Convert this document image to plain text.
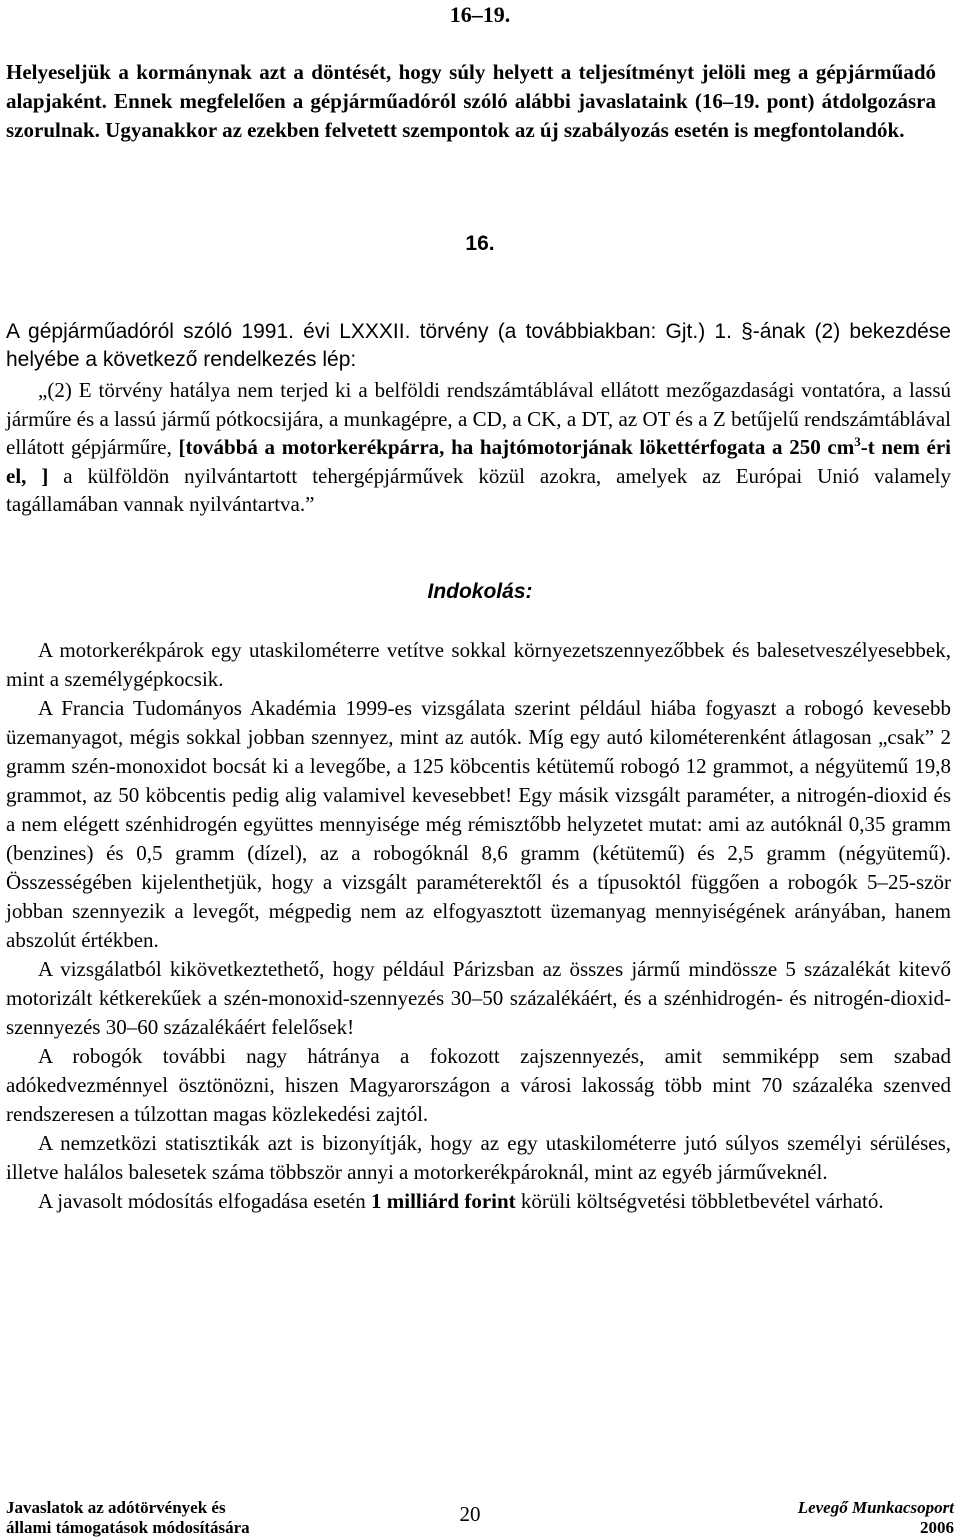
16–19.
Helyeseljük a kormánynak azt a döntését, hogy súly helyett a teljesítményt jelöli meg a gépjárműadó alapjaként. Ennek megfelelően a gépjárműadóról szóló alábbi javaslataink (16–19. pont) átdolgozásra szorulnak. Ugyanakkor az ezekben felvetett szempontok az új szabályozás esetén is megfontolandók.
16.

A gépjárműadóról szóló 1991. évi LXXXII. törvény (a továbbiakban: Gjt.) 1. §-ának (2) bekezdése helyébe a következő rendelkezés lép:

„(2) E törvény hatálya nem terjed ki a belföldi rendszámtáblával ellátott mezőgazdasági vontatóra, a lassú járműre és a lassú jármű pótkocsijára, a munkagépre, a CD, a CK, a DT, az OT és a Z betűjelű rendszámtáblával ellátott gépjárműre, [továbbá a motorkerékpárra, ha hajtómotorjának lökettérfogata a 250 $cm^3-t$ nem éri el, ] a külföldön nyilvántartott tehergépjárművek közül azokra, amelyek az Európai Unió valamely tagállamában vannak nyilvántartva.”
Indokolás:

A motorkerékpárok egy utaskilométerre vetítve sokkal környezetszennyezőbbek és balesetveszélyesebbek, mint a személygépkocsik.

A Francia Tudományos Akadémia 1999-es vizsgálata szerint például hiába fogyaszt a robogó kevesebb üzemanyagot, mégis sokkal jobban szennyez, mint az autók. Míg egy autó kilométerenként átlagosan „csak” 2 gramm szén-monoxidot bocsát ki a levegőbe, a 125 köbcentis kétütemű robogó 12 grammot, a négyütemű 19,8 grammot, az 50 köbcentis pedig alig valamivel kevesebbet! Egy másik vizsgált paraméter, a nitrogén-dioxid és a nem elégett szénhidrogén együttes mennyisége még rémisztőbb helyzetet mutat: ami az autóknál 0,35 gramm (benzines) és 0,5 gramm (dízel), az a robogóknál 8,6 gramm (kétütemű) és 2,5 gramm (négyütemű). Összességében kijelenthetjük, hogy a vizsgált paraméterektől és a típusoktól függően a robogók 5–25-ször jobban szennyezik a levegőt, mégpedig nem az elfogyasztott üzemanyag mennyiségének arányában, hanem abszolút értékben.

A vizsgálatból kikövetkeztethető, hogy például Párizsban az összes jármű mindössze 5 százalékát kitevő motorizált kétkerekűek a szén-monoxid-szennyezés 30–50 százalékáért, és a szénhidrogén- és nitrogén-dioxid-szennyezés 30–60 százalékáért felelősek!

A robogók további nagy hátránya a fokozott zajszennyezés, amit semmiképp sem szabad adókedvezménnyel ösztönözni, hiszen Magyarországon a városi lakosság több mint 70 százaléka szenved rendszeresen a túlzottan magas közlekedési zajtól.

A nemzetközi statisztikák azt is bizonyítják, hogy az egy utaskilométerre jutó súlyos személyi sérüléses, illetve halálos balesetek száma többször annyi a motorkerékpároknál, mint az egyéb járműveknél.

A javasolt módosítás elfogadása esetén 1 milliárd forint körüli költségvetési többletbevétel várható.

Javaslatok az adótörvények és
állami támogatások módosítására
20	Levegő Munkacsoport
2006
